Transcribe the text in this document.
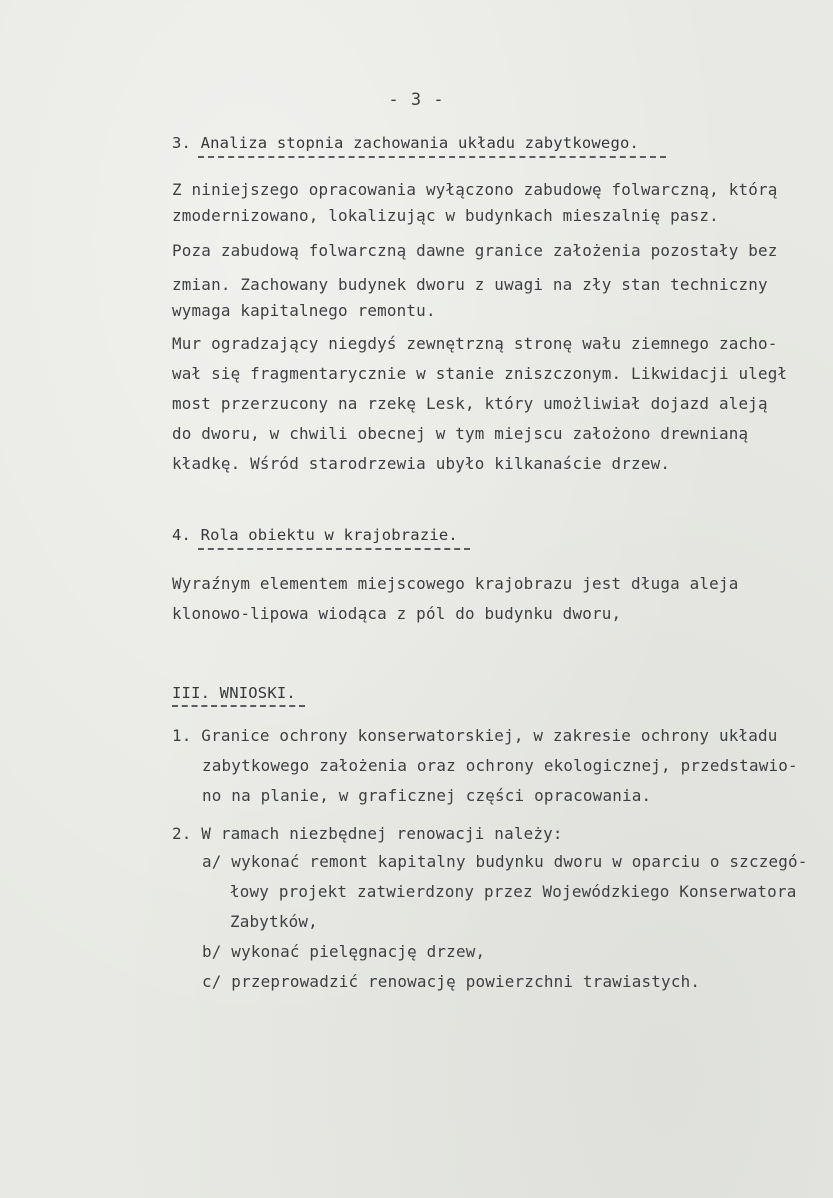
- 3 -
3. Analiza stopnia zachowania układu zabytkowego.
Z niniejszego opracowania wyłączono zabudowę folwarczną, którą
zmodernizowano, lokalizując w budynkach mieszalnię pasz.
Poza zabudową folwarczną dawne granice założenia pozostały bez
zmian. Zachowany budynek dworu z uwagi na zły stan techniczny
wymaga kapitalnego remontu.
Mur ogradzający niegdyś zewnętrzną stronę wału ziemnego zacho-
wał się fragmentarycznie w stanie zniszczonym. Likwidacji uległ
most przerzucony na rzekę Lesk, który umożliwiał dojazd aleją
do dworu, w chwili obecnej w tym miejscu założono drewnianą
kładkę. Wśród starodrzewia ubyło kilkanaście drzew.
4. Rola obiektu w krajobrazie.
Wyraźnym elementem miejscowego krajobrazu jest długa aleja
klonowo-lipowa wiodąca z pól do budynku dworu,
III. WNIOSKI.
1. Granice ochrony konserwatorskiej, w zakresie ochrony układu
zabytkowego założenia oraz ochrony ekologicznej, przedstawio-
no na planie, w graficznej części opracowania.
2. W ramach niezbędnej renowacji należy:
a/ wykonać remont kapitalny budynku dworu w oparciu o szczegó-
łowy projekt zatwierdzony przez Wojewódzkiego Konserwatora
Zabytków,
b/ wykonać pielęgnację drzew,
c/ przeprowadzić renowację powierzchni trawiastych.
